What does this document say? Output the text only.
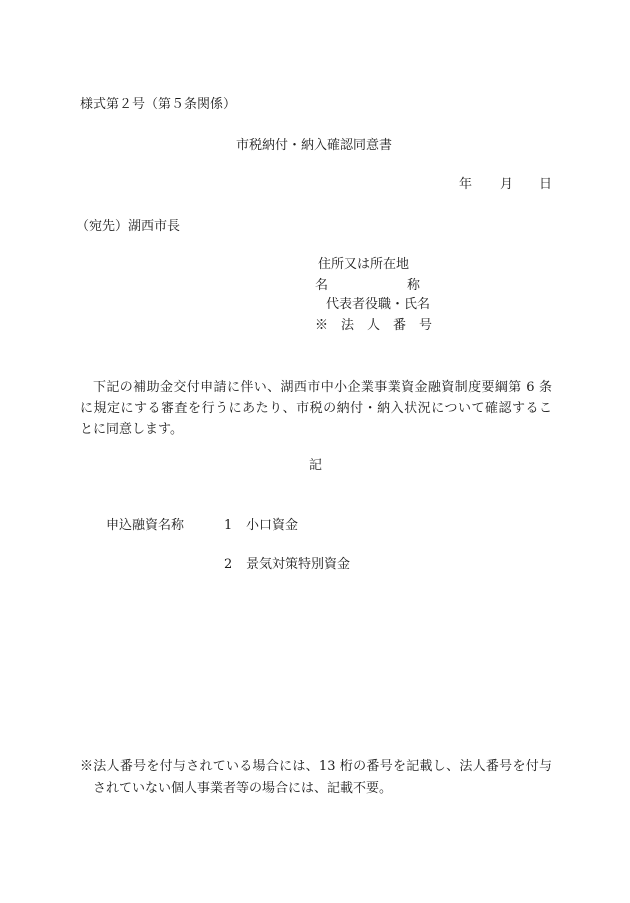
様式第２号（第５条関係）
市税納付・納入確認同意書
年 月 日
（宛先）湖西市長
住所又は所在地
名	称
代表者役職・氏名
※　法　人　番　号
下記の補助金交付申請に伴い、湖西市中小企業事業資金融資制度要綱第 6 条
に規定にする審査を行うにあたり、市税の納付・納入状況について確認するこ
とに同意します。
記
申込融資名称	1 小口資金
2 景気対策特別資金
※法人番号を付与されている場合には、13 桁の番号を記載し、法人番号を付与
されていない個人事業者等の場合には、記載不要。
